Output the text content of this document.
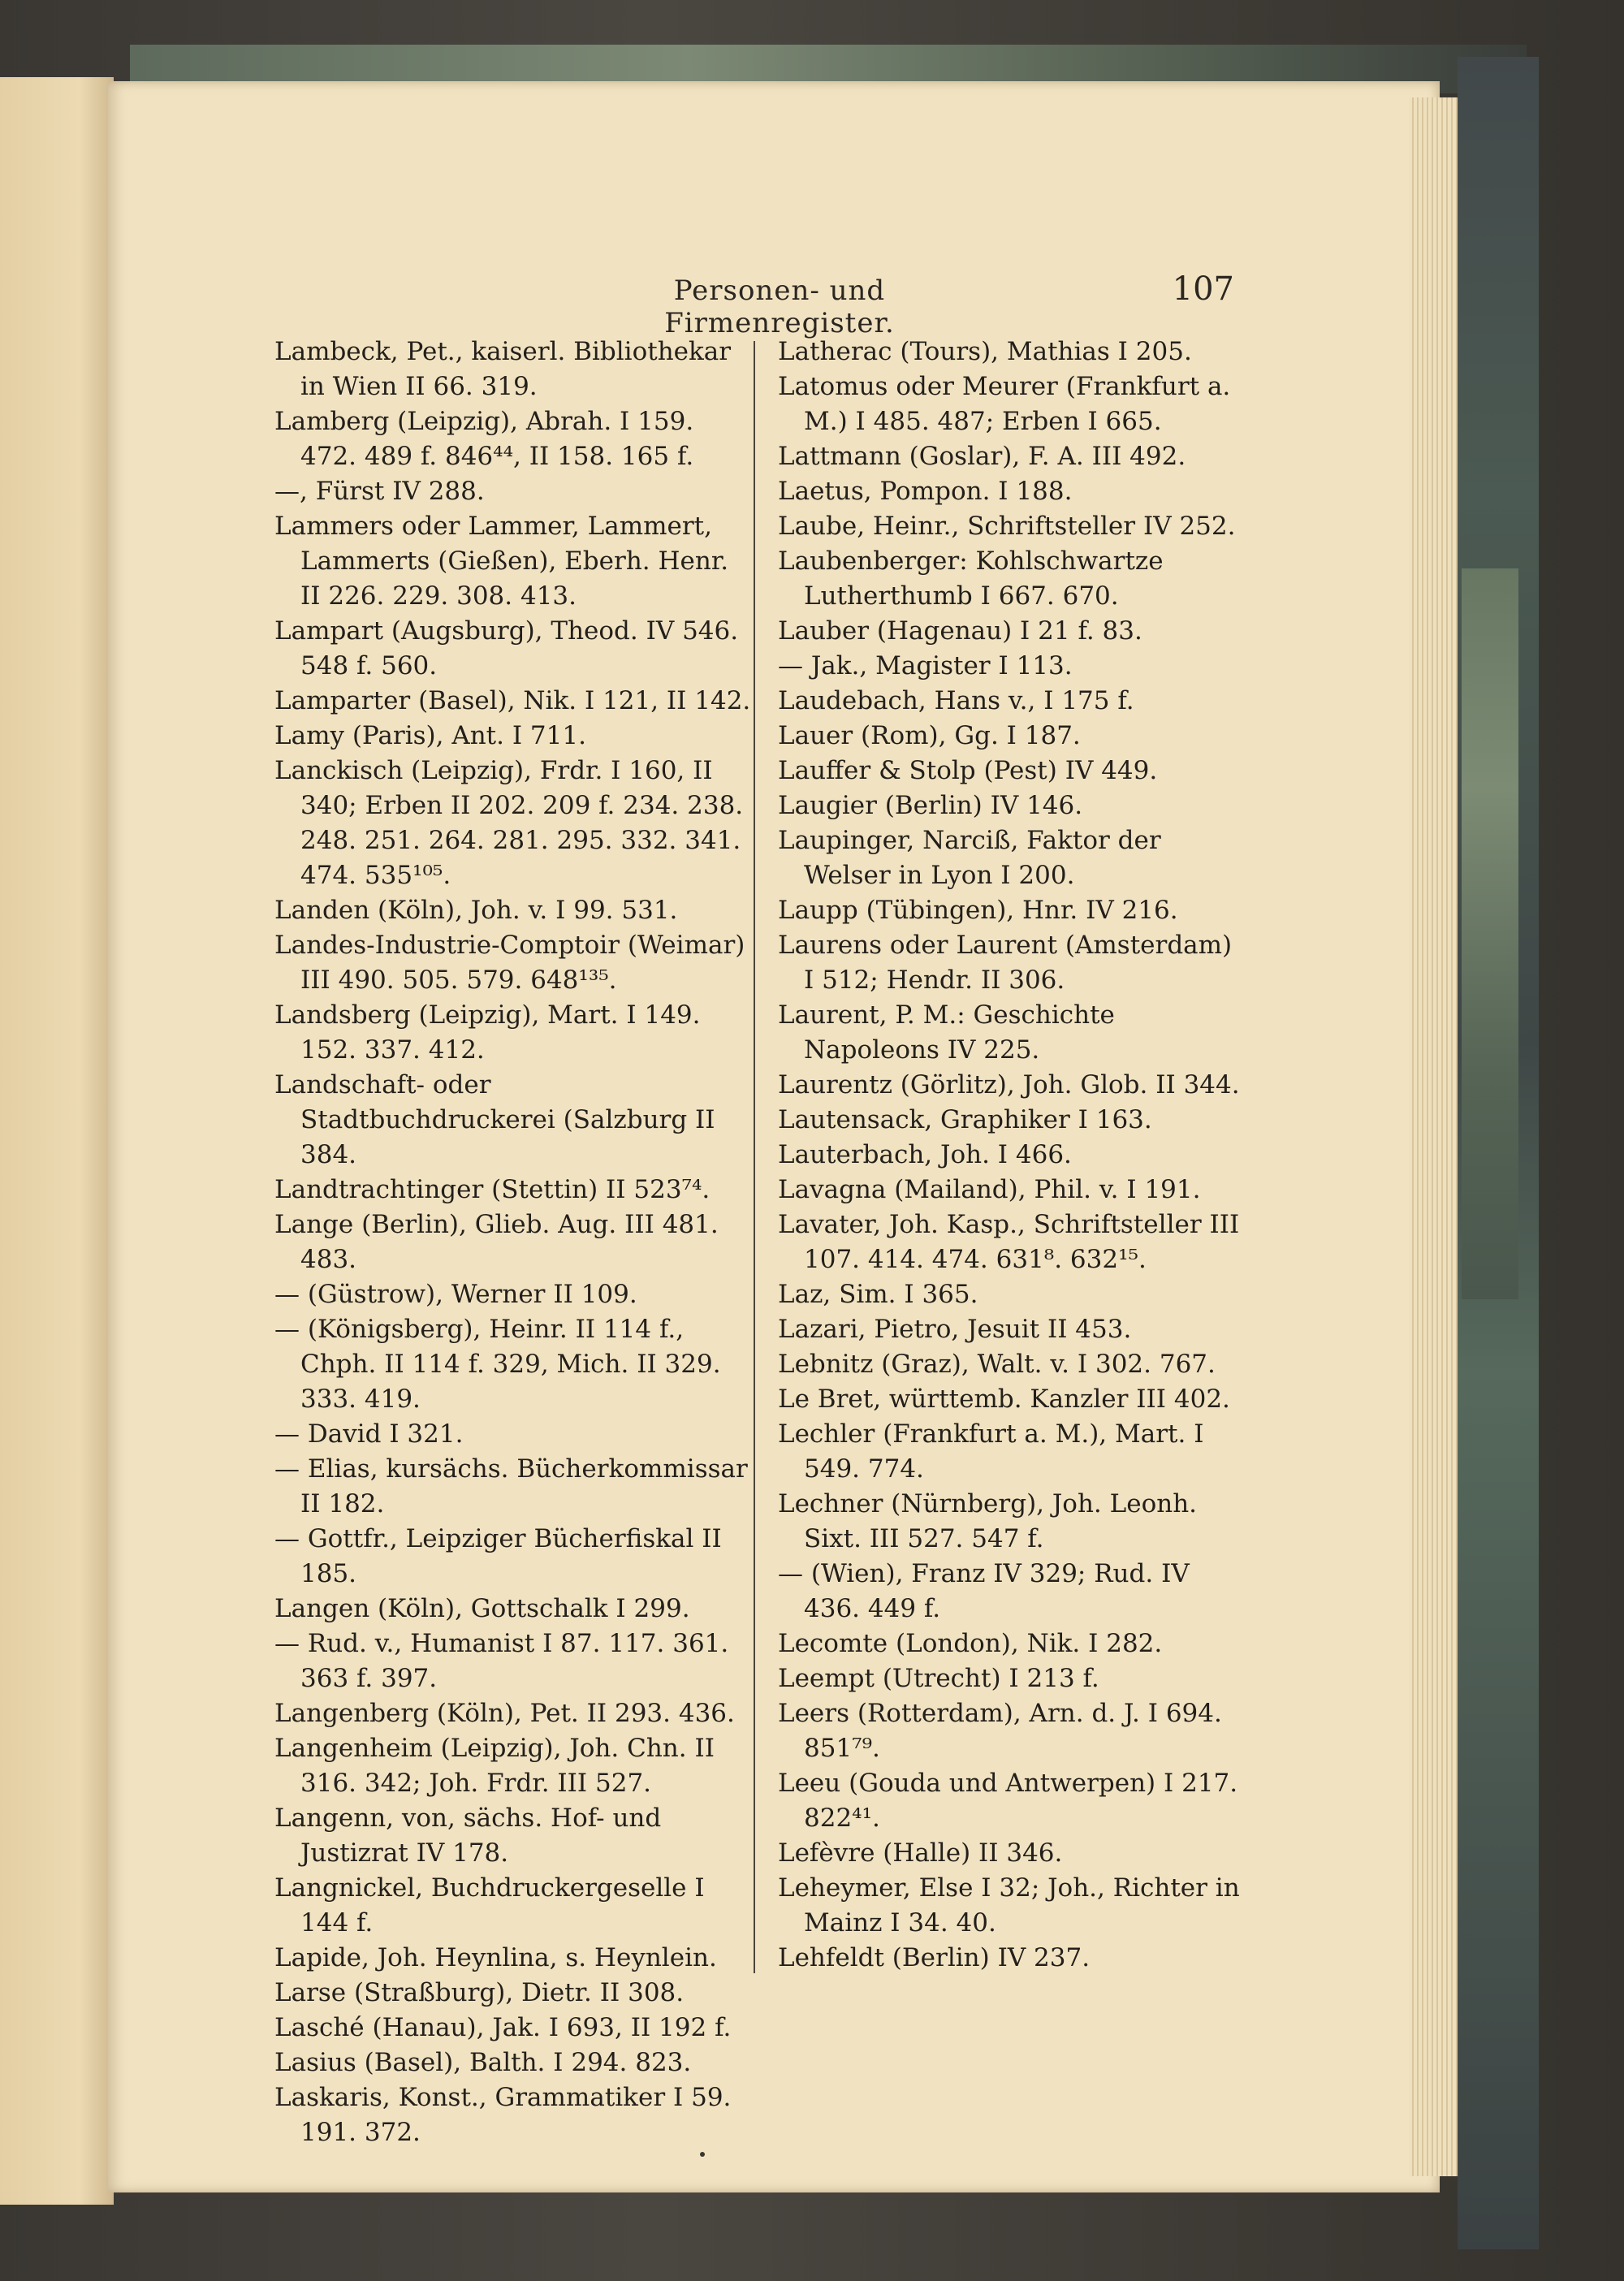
Personen- und Firmenregister.
107

Lambeck, Pet., kaiserl. Bibliothekar in Wien II 66. 319.

Lamberg (Leipzig), Abrah. I 159. 472. 489 f. 846⁴⁴, II 158. 165 f.

—, Fürst IV 288.

Lammers oder Lammer, Lammert, Lammerts (Gießen), Eberh. Henr. II 226. 229. 308. 413.

Lampart (Augsburg), Theod. IV 546. 548 f. 560.

Lamparter (Basel), Nik. I 121, II 142.

Lamy (Paris), Ant. I 711.

Lanckisch (Leipzig), Frdr. I 160, II 340; Erben II 202. 209 f. 234. 238. 248. 251. 264. 281. 295. 332. 341. 474. 535¹⁰⁵.

Landen (Köln), Joh. v. I 99. 531.

Landes-Industrie-Comptoir (Weimar) III 490. 505. 579. 648¹³⁵.

Landsberg (Leipzig), Mart. I 149. 152. 337. 412.

Landschaft- oder Stadtbuchdruckerei (Salzburg II 384.

Landtrachtinger (Stettin) II 523⁷⁴.

Lange (Berlin), Glieb. Aug. III 481. 483.

— (Güstrow), Werner II 109.

— (Königsberg), Heinr. II 114 f., Chph. II 114 f. 329, Mich. II 329. 333. 419.

— David I 321.

— Elias, kursächs. Bücherkommissar II 182.

— Gottfr., Leipziger Bücherfiskal II 185.

Langen (Köln), Gottschalk I 299.

— Rud. v., Humanist I 87. 117. 361. 363 f. 397.

Langenberg (Köln), Pet. II 293. 436.

Langenheim (Leipzig), Joh. Chn. II 316. 342; Joh. Frdr. III 527.

Langenn, von, sächs. Hof- und Justizrat IV 178.

Langnickel, Buchdruckergeselle I 144 f.

Lapide, Joh. Heynlina, s. Heynlein.

Larse (Straßburg), Dietr. II 308.

Lasché (Hanau), Jak. I 693, II 192 f.

Lasius (Basel), Balth. I 294. 823.

Laskaris, Konst., Grammatiker I 59. 191. 372.

Latherac (Tours), Mathias I 205.

Latomus oder Meurer (Frankfurt a. M.) I 485. 487; Erben I 665.

Lattmann (Goslar), F. A. III 492.

Laetus, Pompon. I 188.

Laube, Heinr., Schriftsteller IV 252.

Laubenberger: Kohlschwartze Lutherthumb I 667. 670.

Lauber (Hagenau) I 21 f. 83.

— Jak., Magister I 113.

Laudebach, Hans v., I 175 f.

Lauer (Rom), Gg. I 187.

Lauffer & Stolp (Pest) IV 449.

Laugier (Berlin) IV 146.

Laupinger, Narciß, Faktor der Welser in Lyon I 200.

Laupp (Tübingen), Hnr. IV 216.

Laurens oder Laurent (Amsterdam) I 512; Hendr. II 306.

Laurent, P. M.: Geschichte Napoleons IV 225.

Laurentz (Görlitz), Joh. Glob. II 344.

Lautensack, Graphiker I 163.

Lauterbach, Joh. I 466.

Lavagna (Mailand), Phil. v. I 191.

Lavater, Joh. Kasp., Schriftsteller III 107. 414. 474. 631⁸. 632¹⁵.

Laz, Sim. I 365.

Lazari, Pietro, Jesuit II 453.

Lebnitz (Graz), Walt. v. I 302. 767.

Le Bret, württemb. Kanzler III 402.

Lechler (Frankfurt a. M.), Mart. I 549. 774.

Lechner (Nürnberg), Joh. Leonh. Sixt. III 527. 547 f.

— (Wien), Franz IV 329; Rud. IV 436. 449 f.

Lecomte (London), Nik. I 282.

Leempt (Utrecht) I 213 f.

Leers (Rotterdam), Arn. d. J. I 694. 851⁷⁹.

Leeu (Gouda und Antwerpen) I 217. 822⁴¹.

Lefèvre (Halle) II 346.

Leheymer, Else I 32; Joh., Richter in Mainz I 34. 40.

Lehfeldt (Berlin) IV 237.
